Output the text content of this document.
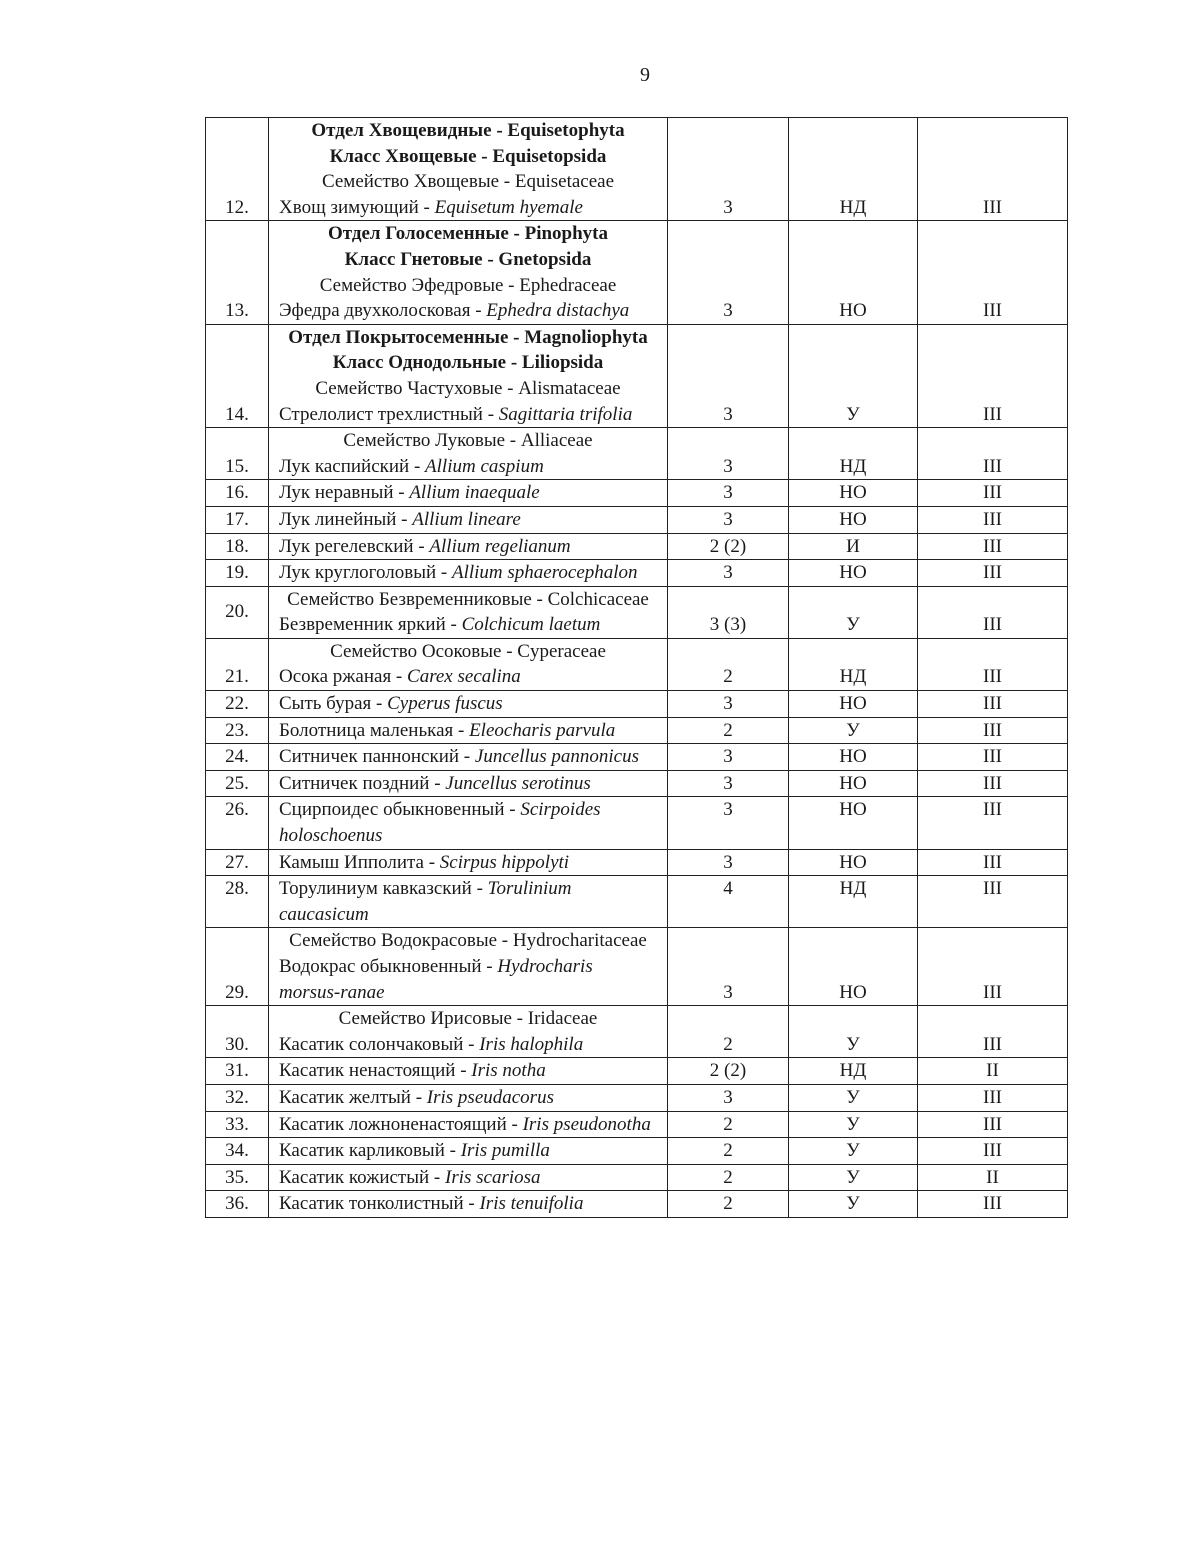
9
12.	Отдел Хвощевидные - Equisetophyta
Класс Хвощевые - Equisetopsida
Семейство Хвощевые - Equisetaceae
Хвощ зимующий - Equisetum hyemale	3	НД	III
13.	Отдел Голосеменные - Pinophyta
Класс Гнетовые - Gnetopsida
Семейство Эфедровые - Ephedraceae
Эфедра двухколосковая - Ephedra distachya	3	НО	III
14.	Отдел Покрытосеменные - Magnoliophyta
Класс Однодольные - Liliopsida
Семейство Частуховые - Alismataceae
Стрелолист трехлистный - Sagittaria trifolia	3	У	III
15.	Семейство Луковые - Alliaceae
Лук каспийский - Allium caspium	3	НД	III
16.	Лук неравный - Allium inaequale	3	НО	III
17.	Лук линейный - Allium lineare	3	НО	III
18.	Лук регелевский - Allium regelianum	2 (2)	И	III
19.	Лук круглоголовый - Allium sphaerocephalon	3	НО	III
20.	Семейство Безвременниковые - Colchicaceae
Безвременник яркий - Colchicum laetum	3 (3)	У	III
21.	Семейство Осоковые - Cyperaceae
Осока ржаная - Carex secalina	2	НД	III
22.	Сыть бурая - Cyperus fuscus	3	НО	III
23.	Болотница маленькая - Eleocharis parvula	2	У	III
24.	Ситничек паннонский - Juncellus pannonicus	3	НО	III
25.	Ситничек поздний - Juncellus serotinus	3	НО	III
26.	Сцирпоидес обыкновенный - Scirpoides holoschoenus	3	НО	III
27.	Камыш Ипполита - Scirpus hippolyti	3	НО	III
28.	Торулиниум кавказский - Torulinium caucasicum	4	НД	III
29.	Семейство Водокрасовые - Hydrocharitaceae
Водокрас обыкновенный - Hydrocharis morsus-ranae	3	НО	III
30.	Семейство Ирисовые - Iridaceae
Касатик солончаковый - Iris halophila	2	У	III
31.	Касатик ненастоящий - Iris notha	2 (2)	НД	II
32.	Касатик желтый - Iris pseudacorus	3	У	III
33.	Касатик ложноненастоящий - Iris pseudonotha	2	У	III
34.	Касатик карликовый - Iris pumilla	2	У	III
35.	Касатик кожистый - Iris scariosa	2	У	II
36.	Касатик тонколистный - Iris tenuifolia	2	У	III
